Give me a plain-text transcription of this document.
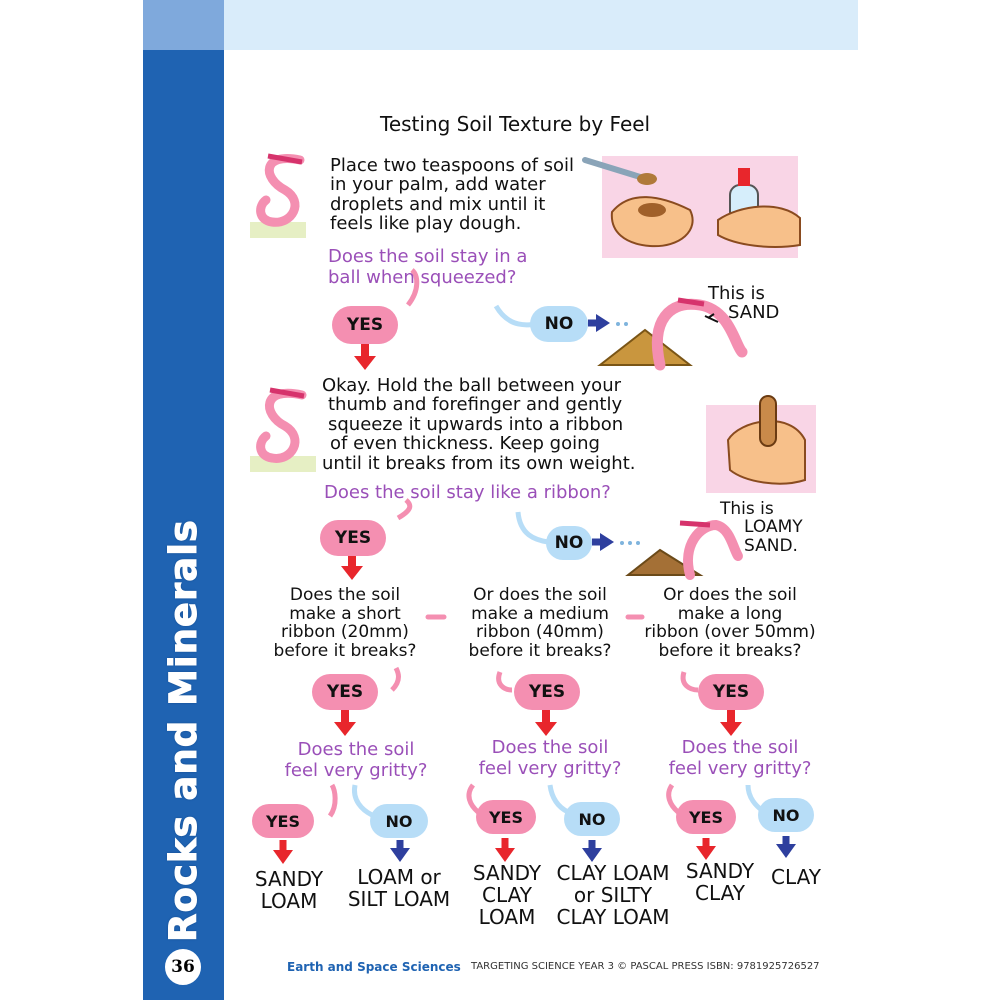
Rocks and Minerals
36	Earth and Space Sciences TARGETING SCIENCE YEAR 3 © PASCAL PRESS ISBN: 9781925726527
Testing Soil Texture by Feel
Place two teaspoons of soil
in your palm, add water
droplets and mix until it
feels like play dough.
Does the soil stay in a
ball when squeezed?
YES	NO
This is
SAND
Okay. Hold the ball between your
thumb and forefinger and gently
squeeze it upwards into a ribbon
of even thickness. Keep going
until it breaks from its own weight.
Does the soil stay like a ribbon?
YES	NO
This is
LOAMY
SAND.
Does the soil
make a short
ribbon (20mm)
before it breaks?
Or does the soil
make a medium
ribbon (40mm)
before it breaks?
Or does the soil
make a long
ribbon (over 50mm)
before it breaks?
YES	YES	YES
Does the soil
feel very gritty?
Does the soil
feel very gritty?
Does the soil
feel very gritty?
YES	NO	YES	NO	YES	NO
SANDY
LOAM
LOAM or
SILT LOAM
SANDY
CLAY
LOAM
CLAY LOAM
or SILTY
CLAY LOAM
SANDY
CLAY
CLAY
